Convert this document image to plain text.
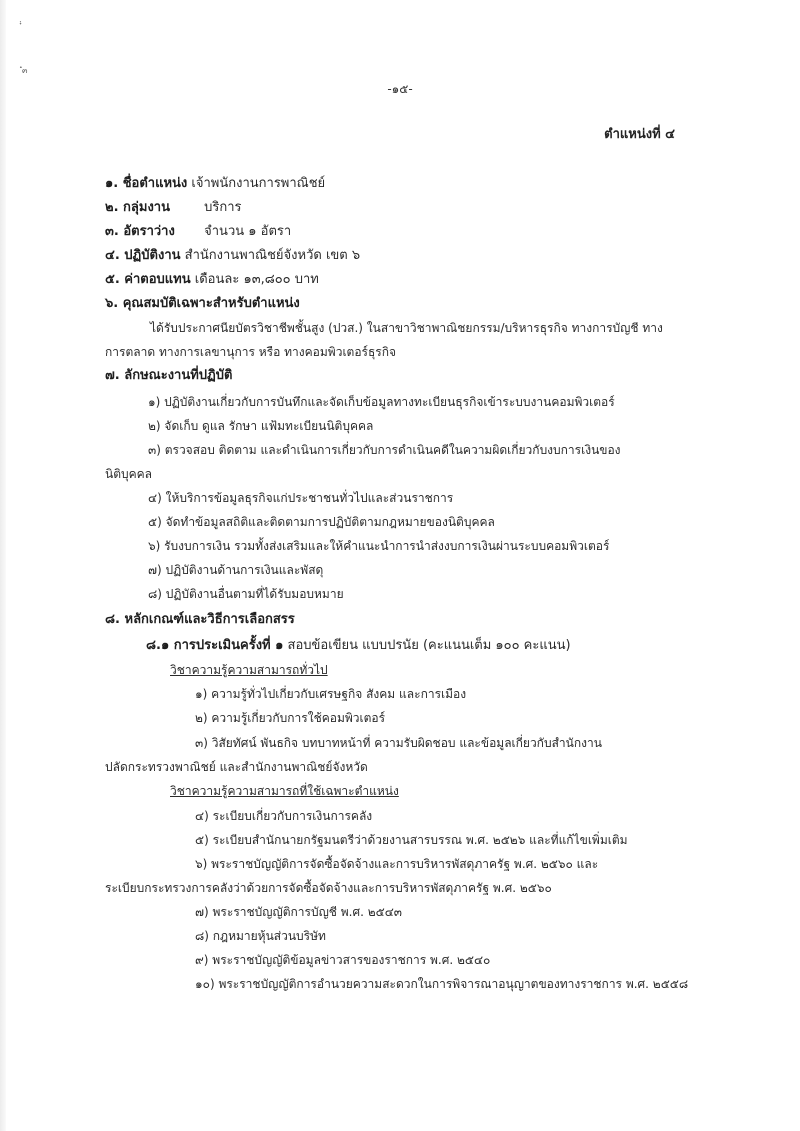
ํ๓
-๑๕-
ตำแหน่งที่ ๔
๑. ชื่อตำแหน่ง เจ้าพนักงานการพาณิชย์
๒. กลุ่มงาน	บริการ
๓. อัตราว่าง จำนวน ๑ อัตรา
๔. ปฏิบัติงาน สำนักงานพาณิชย์จังหวัด เขต ๖
๕. ค่าตอบแทน เดือนละ ๑๓,๘๐๐ บาท
๖. คุณสมบัติเฉพาะสำหรับตำแหน่ง
ได้รับประกาศนียบัตรวิชาชีพชั้นสูง (ปวส.) ในสาขาวิชาพาณิชยกรรม/บริหารธุรกิจ ทางการบัญชี ทาง
การตลาด ทางการเลขานุการ หรือ ทางคอมพิวเตอร์ธุรกิจ
๗. ลักษณะงานที่ปฏิบัติ
๑) ปฏิบัติงานเกี่ยวกับการบันทึกและจัดเก็บข้อมูลทางทะเบียนธุรกิจเข้าระบบงานคอมพิวเตอร์
๒) จัดเก็บ ดูแล รักษา แฟ้มทะเบียนนิติบุคคล
๓) ตรวจสอบ ติดตาม และดำเนินการเกี่ยวกับการดำเนินคดีในความผิดเกี่ยวกับงบการเงินของ
นิติบุคคล
๔) ให้บริการข้อมูลธุรกิจแก่ประชาชนทั่วไปและส่วนราชการ
๕) จัดทำข้อมูลสถิติและติดตามการปฏิบัติตามกฎหมายของนิติบุคคล
๖) รับงบการเงิน รวมทั้งส่งเสริมและให้คำแนะนำการนำส่งงบการเงินผ่านระบบคอมพิวเตอร์
๗) ปฏิบัติงานด้านการเงินและพัสดุ
๘) ปฏิบัติงานอื่นตามที่ได้รับมอบหมาย
๘. หลักเกณฑ์และวิธีการเลือกสรร
๘.๑ การประเมินครั้งที่ ๑ สอบข้อเขียน แบบปรนัย (คะแนนเต็ม ๑๐๐ คะแนน)
วิชาความรู้ความสามารถทั่วไป
๑) ความรู้ทั่วไปเกี่ยวกับเศรษฐกิจ สังคม และการเมือง
๒) ความรู้เกี่ยวกับการใช้คอมพิวเตอร์
๓) วิสัยทัศน์ พันธกิจ บทบาทหน้าที่ ความรับผิดชอบ และข้อมูลเกี่ยวกับสำนักงาน
ปลัดกระทรวงพาณิชย์ และสำนักงานพาณิชย์จังหวัด
วิชาความรู้ความสามารถที่ใช้เฉพาะตำแหน่ง
๔) ระเบียบเกี่ยวกับการเงินการคลัง
๕) ระเบียบสำนักนายกรัฐมนตรีว่าด้วยงานสารบรรณ พ.ศ. ๒๕๒๖ และที่แก้ไขเพิ่มเติม
๖) พระราชบัญญัติการจัดซื้อจัดจ้างและการบริหารพัสดุภาครัฐ พ.ศ. ๒๕๖๐ และ
ระเบียบกระทรวงการคลังว่าด้วยการจัดซื้อจัดจ้างและการบริหารพัสดุภาครัฐ พ.ศ. ๒๕๖๐
๗) พระราชบัญญัติการบัญชี พ.ศ. ๒๕๔๓
๘) กฎหมายหุ้นส่วนบริษัท
๙) พระราชบัญญัติข้อมูลข่าวสารของราชการ พ.ศ. ๒๕๔๐
๑๐) พระราชบัญญัติการอำนวยความสะดวกในการพิจารณาอนุญาตของทางราชการ พ.ศ. ๒๕๕๘
